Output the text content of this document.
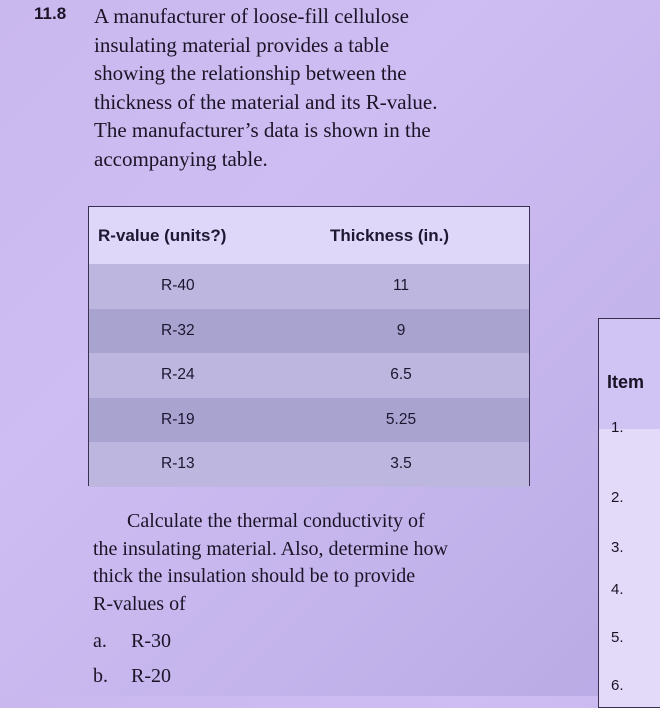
11.8 A manufacturer of loose-fill cellulose
insulating material provides a table
showing the relationship between the
thickness of the material and its R-value.
The manufacturer’s data is shown in the
accompanying table.
R-value (units?)	Thickness (in.)
R-40	11
R-32	9
R-24	6.5
R-19	5.25
R-13	3.5
Calculate the thermal conductivity of
the insulating material. Also, determine how
thick the insulation should be to provide
R-values of
a.	R-30
b.	R-20
Item
1.
2.
3.
4.
5.
6.
